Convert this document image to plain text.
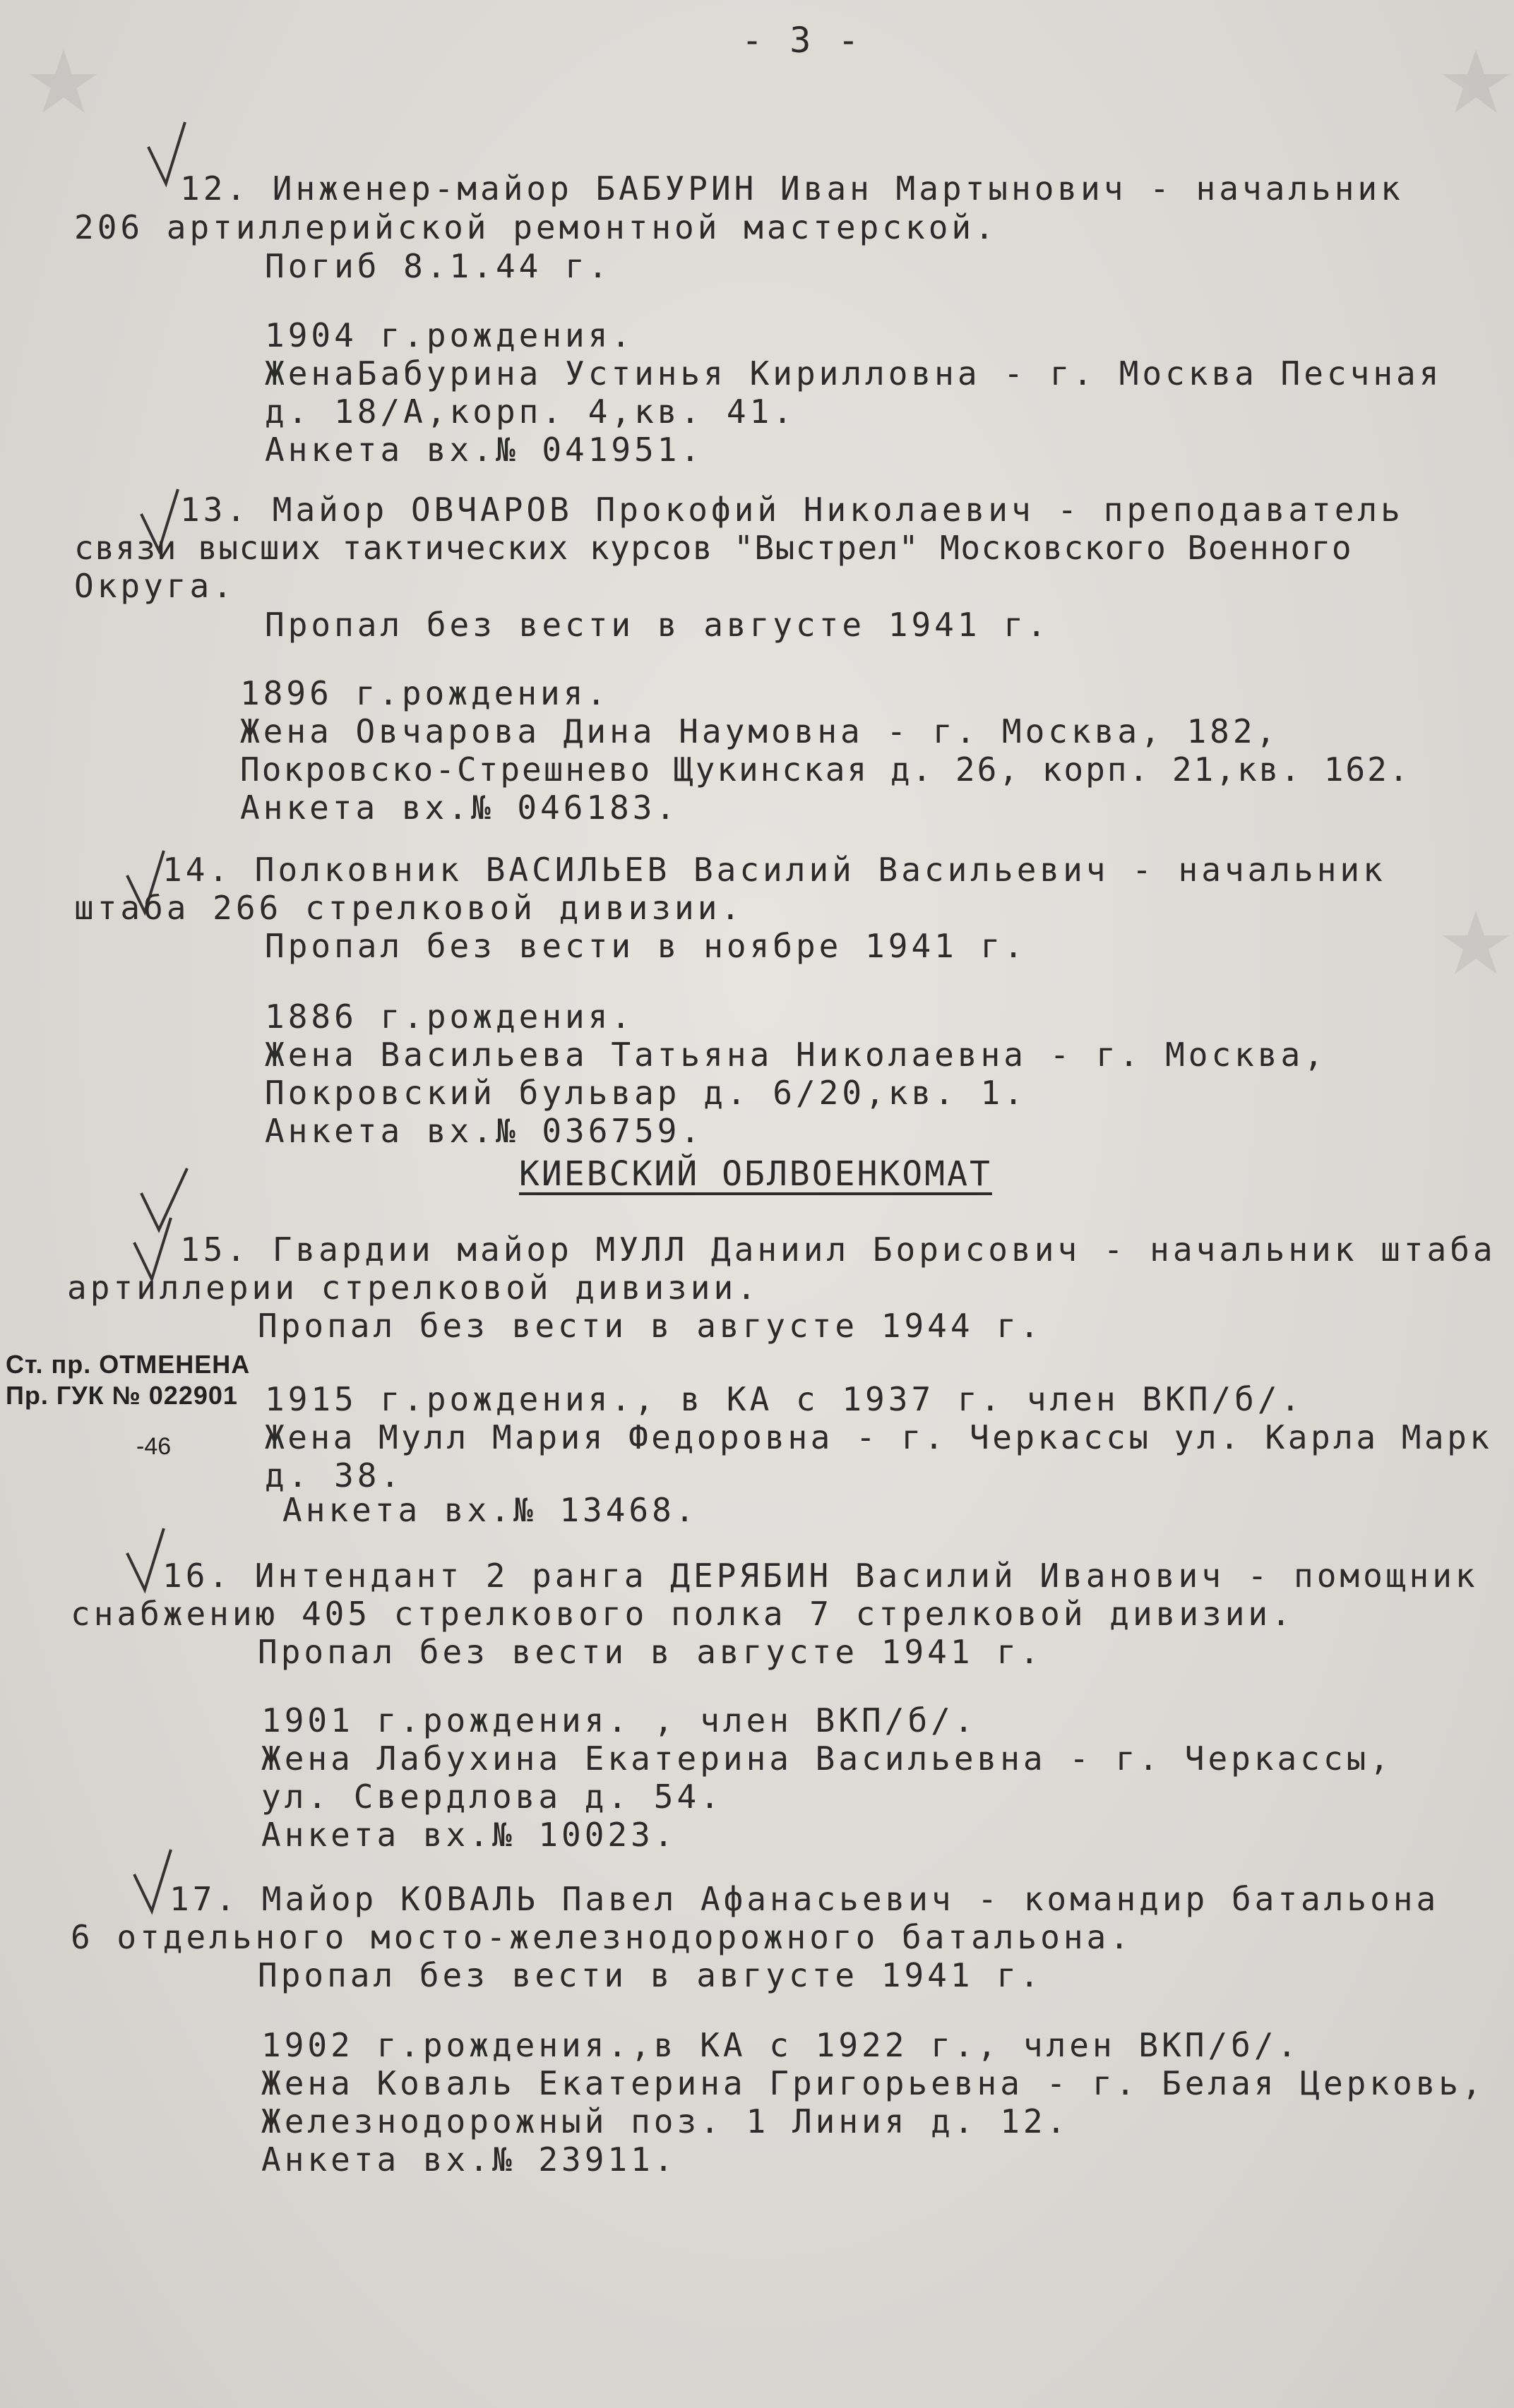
- 3 -
12. Инженер-майор БАБУРИН Иван Мартынович - начальник
206 артиллерийской ремонтной мастерской.
Погиб 8.1.44 г.
1904 г.рождения.
ЖенаБабурина Устинья Кирилловна - г. Москва Песчная
д. 18/А,корп. 4,кв. 41.
Анкета вх.№ 041951.
13. Майор ОВЧАРОВ Прокофий Николаевич - преподаватель
связи высших тактических курсов "Выстрел" Московского Военного
Округа.
Пропал без вести в августе 1941 г.
1896 г.рождения.
Жена Овчарова Дина Наумовна - г. Москва, 182,
Покровско-Стрешнево Щукинская д. 26, корп. 21,кв. 162.
Анкета вх.№ 046183.
14. Полковник ВАСИЛЬЕВ Василий Васильевич - начальник
штаба 266 стрелковой дивизии.
Пропал без вести в ноябре 1941 г.
1886 г.рождения.
Жена Васильева Татьяна Николаевна - г. Москва,
Покровский бульвар д. 6/20,кв. 1.
Анкета вх.№ 036759.
КИЕВСКИЙ ОБЛВОЕНКОМАТ
15. Гвардии майор МУЛЛ Даниил Борисович - начальник штаба
артиллерии стрелковой дивизии.
Пропал без вести в августе 1944 г.
Ст. пр. ОТМЕНЕНА
Пр. ГУК № 022901
-46
1915 г.рождения., в КА с 1937 г. член ВКП/б/.
Жена Мулл Мария Федоровна - г. Черкассы ул. Карла Марк
д. 38.
Анкета вх.№ 13468.
16. Интендант 2 ранга ДЕРЯБИН Василий Иванович - помощник
снабжению 405 стрелкового полка 7 стрелковой дивизии.
Пропал без вести в августе 1941 г.
1901 г.рождения. , член ВКП/б/.
Жена Лабухина Екатерина Васильевна - г. Черкассы,
ул. Свердлова д. 54.
Анкета вх.№ 10023.
17. Майор КОВАЛЬ Павел Афанасьевич - командир батальона
6 отдельного мосто-железнодорожного батальона.
Пропал без вести в августе 1941 г.
1902 г.рождения.,в КА с 1922 г., член ВКП/б/.
Жена Коваль Екатерина Григорьевна - г. Белая Церковь,
Железнодорожный поз. 1 Линия д. 12.
Анкета вх.№ 23911.
